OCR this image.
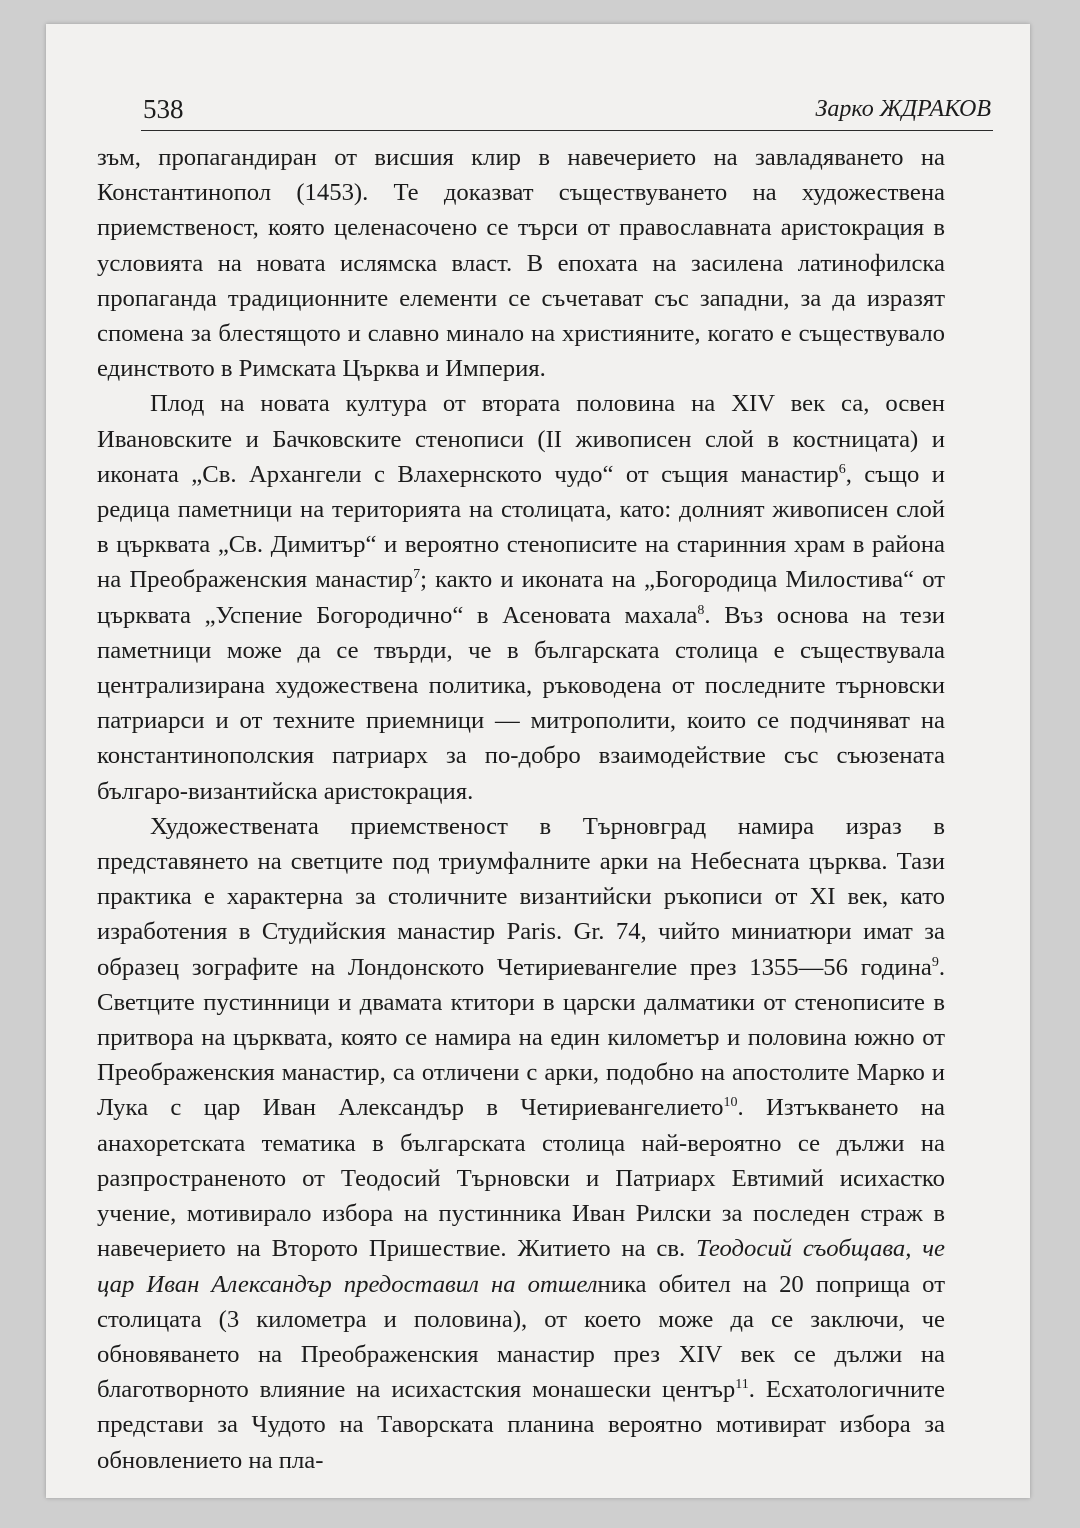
538	Зарко ЖДРАКОВ

зъм, пропагандиран от висшия клир в навечерието на завладяването на Константинопол (1453). Те доказват съществуването на художествена приемственост, която целенасочено се търси от православната аристокрация в условията на новата ислямска власт. В епохата на засилена латинофилска пропаганда традиционните елементи се съчетават със западни, за да изразят спомена за блестящото и славно минало на християните, когато е съществувало единството в Римската Църква и Империя.

Плод на новата култура от втората половина на XIV век са, освен Ивановските и Бачковските стенописи (II живописен слой в костницата) и иконата „Св. Архангели с Влахернското чудо“ от същия манастир$^6$, също и редица паметници на територията на столицата, като: долният живописен слой в църквата „Св. Димитър“ и вероятно стенописите на старинния храм в района на Преображенския манастир$^7$; както и иконата на „Богородица Милостива“ от църквата „Успение Богородично“ в Асеновата махала$^8$. Въз основа на тези паметници може да се твърди, че в българската столица е съществувала централизирана художествена политика, ръководена от последните търновски патриарси и от техните приемници — митрополити, които се подчиняват на константинополския патриарх за по-добро взаимодействие със съюзената българо-византийска аристокрация.

Художествената приемственост в Търновград намира израз в представянето на светците под триумфалните арки на Небесната църква. Тази практика е характерна за столичните византийски ръкописи от XI век, като изработения в Студийския манастир Paris. Gr. 74, чийто миниатюри имат за образец зографите на Лондонското Четириевангелие през 1355—56 година$^9$. Светците пустинници и двамата ктитори в царски далматики от стенописите в притвора на църквата, която се намира на един километър и половина южно от Преображенския манастир, са отличени с арки, подобно на апостолите Марко и Лука с цар Иван Александър в Четириевангелието$^{10}$. Изтъкването на анахоретската тематика в българската столица най-вероятно се дължи на разпространеното от Теодосий Търновски и Патриарх Евтимий исихастко учение, мотивирало избора на пустинника Иван Рилски за последен страж в навечерието на Второто Пришествие. Житието на св. Теодосий съобщава, че цар Иван Александър предоставил на отшелника обител на 20 поприща от столицата (3 километра и половина), от което може да се заключи, че обновяването на Преображенския манастир през XIV век се дължи на благотворното влияние на исихастския монашески център$^{11}$. Есхатологичните представи за Чудото на Таворската планина вероятно мотивират избора за обновлението на пла-
